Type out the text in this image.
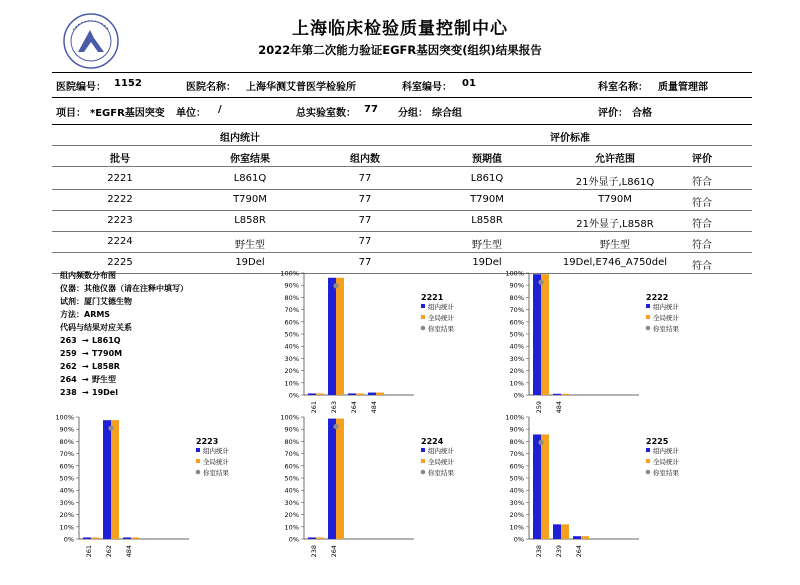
上海临床检验质量控制中心
2022年第二次能力验证EGFR基因突变(组织)结果报告
医院编号： 1152	医院名称： 上海华测艾普医学检验所	科室编号： 01	科室名称： 质量管理部
项目： *EGFR基因突变 单位： /	总实验室数： 77 分组： 综合组	评价： 合格
组内统计	评价标准
批号	你室结果	组内数	预期值	允许范围	评价
2221	L861Q	77	L861Q	21外显子,L861Q	符合
2222	T790M	77	T790M	T790M	符合
2223	L858R	77	L858R	21外显子,L858R	符合
2224	野生型	77	野生型	野生型	符合
2225	19Del	77	19Del	19Del,E746_A750del	符合
组内频数分布图
仪器：其他仪器（请在注释中填写）
试剂：厦门艾德生物
方法：ARMS
代码与结果对应关系
263 → L861Q
259 → T790M
262 → L858R
264 → 野生型
238 → 19Del	0%
10%
20%
30%
40%
50%
60%
70%
80%
90%
100%
261 263 264 484
2221
组内统计
全局统计
你室结果
0%
10%
20%
30%
40%
50%
60%
70%
80%
90%
100%
259 484
2222
组内统计
全局统计
你室结果
0%
10%
20%
30%
40%
50%
60%
70%
80%
90%
100%
261 262 484
2223
组内统计
全局统计
你室结果
0%
10%
20%
30%
40%
50%
60%
70%
80%
90%
100%
238 264
2224
组内统计
全局统计
你室结果
0%
10%
20%
30%
40%
50%
60%
70%
80%
90%
100%
238 239 264
2225
组内统计
全局统计
你室结果
